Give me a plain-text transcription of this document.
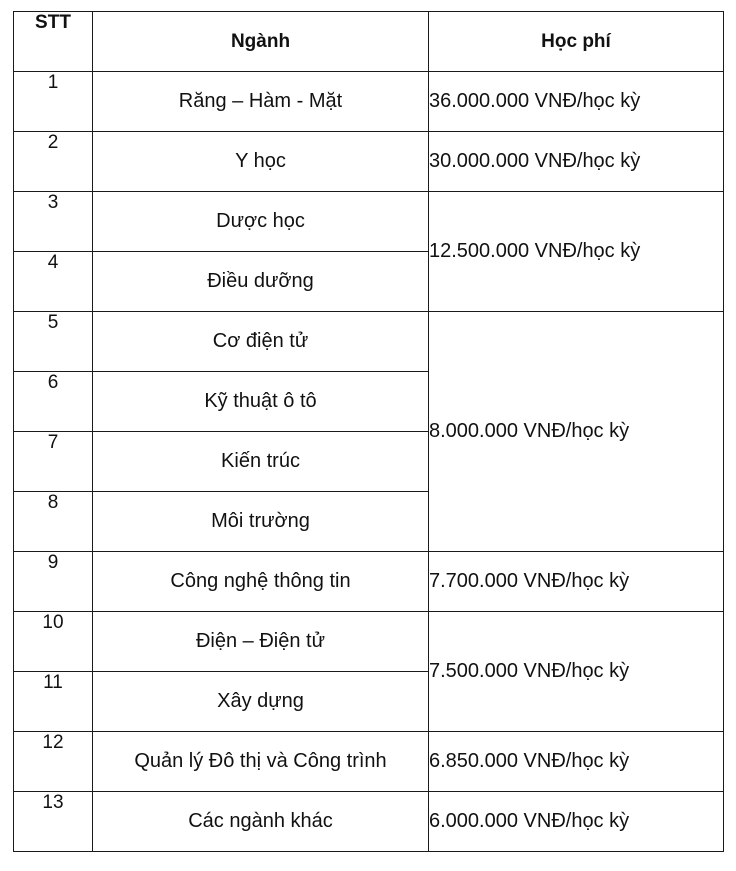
STT	Ngành	Học phí
1	Răng – Hàm - Mặt	36.000.000 VNĐ/học kỳ
2	Y học	30.000.000 VNĐ/học kỳ
3	Dược học	12.500.000 VNĐ/học kỳ
4	Điều dưỡng	
5	Cơ điện tử	8.000.000 VNĐ/học kỳ
6	Kỹ thuật ô tô	
7	Kiến trúc	
8	Môi trường	
9	Công nghệ thông tin	7.700.000 VNĐ/học kỳ
10	Điện – Điện tử	7.500.000 VNĐ/học kỳ
11	Xây dựng	
12	Quản lý Đô thị và Công trình	6.850.000 VNĐ/học kỳ
13	Các ngành khác	6.000.000 VNĐ/học kỳ
